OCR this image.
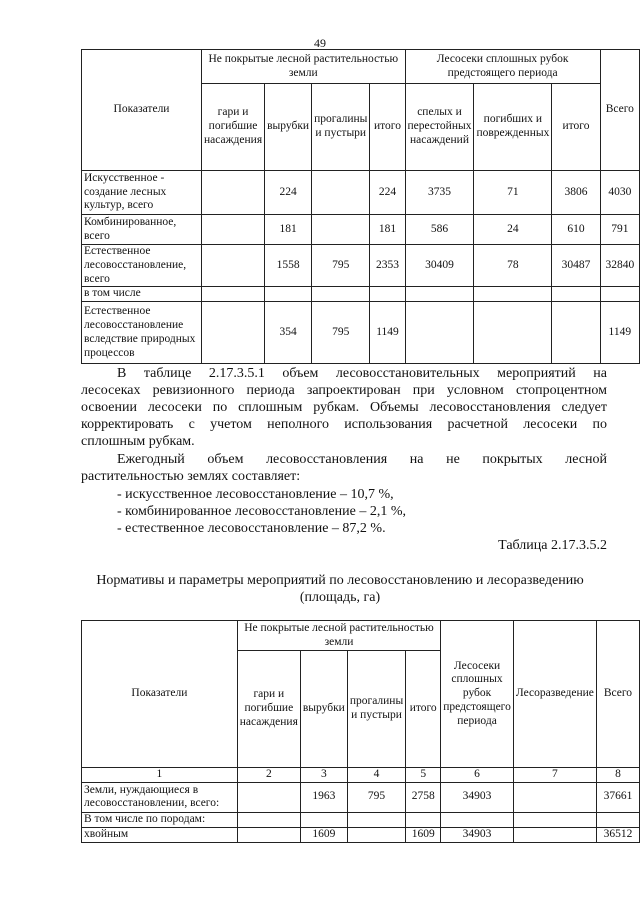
49
Показатели	Не покрытые лесной растительностью земли				Лесосеки сплошных рубок предстоящего периода			Всего
	гари и погибшие насаждения	вырубки	прогалины и пустыри	итого	спелых и перестойных насаждений	погибших и поврежденных	итого	
Искусственное - создание лесных культур, всего		224		224	3735	71	3806	4030
Комбинированное, всего		181		181	586	24	610	791
Естественное лесовосстановление, всего		1558	795	2353	30409	78	30487	32840
в том числе								
Естественное лесовосстановление вследствие природных процессов		354	795	1149				1149
В таблице 2.17.3.5.1 объем лесовосстановительных мероприятий на
лесосеках ревизионного периода запроектирован при условном стопроцентном
освоении лесосеки по сплошным рубкам. Объемы лесовосстановления следует
корректировать с учетом неполного использования расчетной лесосеки по
сплошным рубкам.
Ежегодный объем лесовосстановления на не покрытых лесной
растительностью землях составляет:
- искусственное лесовосстановление – 10,7 %,
- комбинированное лесовосстановление – 2,1 %,
- естественное лесовосстановление – 87,2 %.
Таблица 2.17.3.5.2
Нормативы и параметры мероприятий по лесовосстановлению и лесоразведению
(площадь, га)
Показатели	Не покрытые лесной растительностью земли				Лесосеки сплошных рубок предстоящего периода	Лесоразведение	Всего
	гари и погибшие насаждения	вырубки	прогалины и пустыри	итого			
1	2	3	4	5	6	7	8
Земли, нуждающиеся в лесовосстановлении, всего:		1963	795	2758	34903		37661
В том числе по породам:							
хвойным		1609		1609	34903		36512
